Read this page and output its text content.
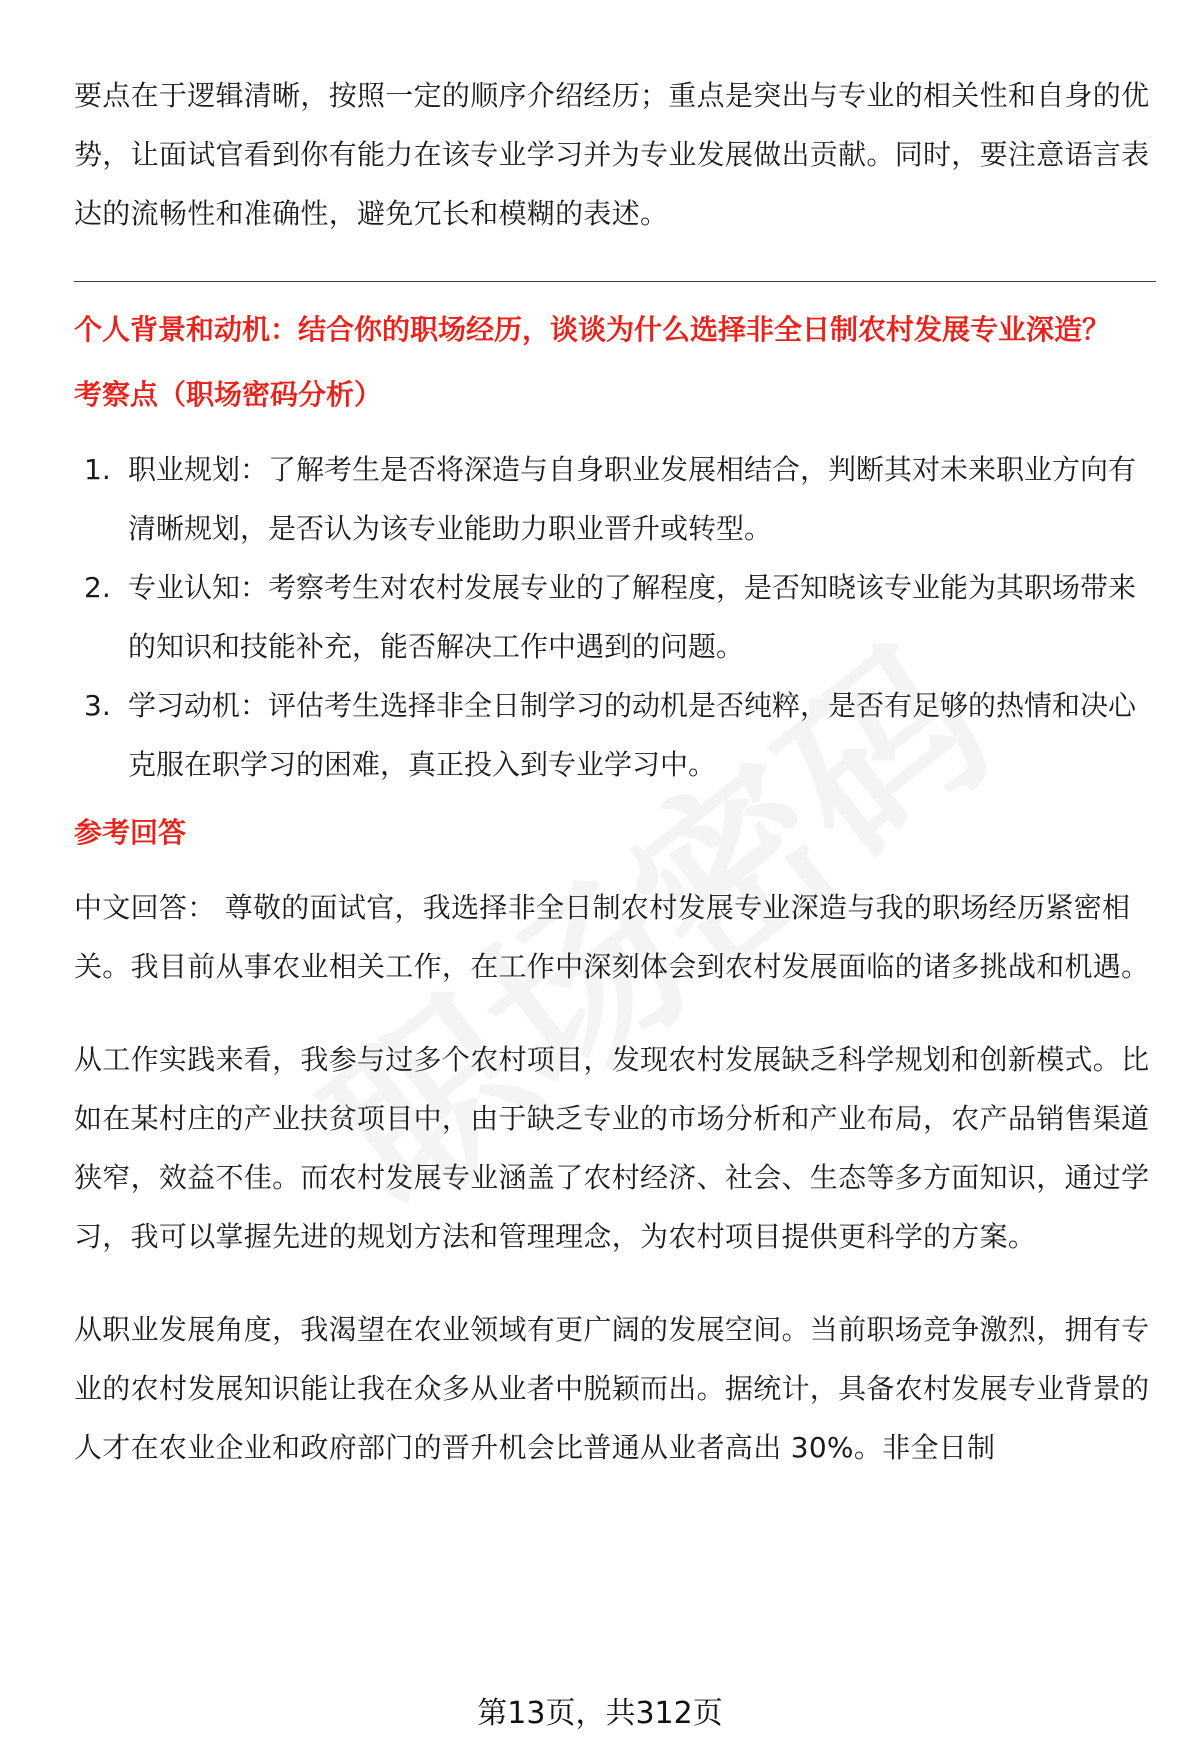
要点在于逻辑清晰，按照一定的顺序介绍经历；重点是突出与专业的相关性和自身的优势，让面试官看到你有能力在该专业学习并为专业发展做出贡献。同时，要注意语言表达的流畅性和准确性，避免冗长和模糊的表述。

个人背景和动机：结合你的职场经历，谈谈为什么选择非全日制农村发展专业深造？

考察点（职场密码分析）

1. 职业规划：了解考生是否将深造与自身职业发展相结合，判断其对未来职业方向有清晰规划，是否认为该专业能助力职业晋升或转型。
2. 专业认知：考察考生对农村发展专业的了解程度，是否知晓该专业能为其职场带来的知识和技能补充，能否解决工作中遇到的问题。
3. 学习动机：评估考生选择非全日制学习的动机是否纯粹，是否有足够的热情和决心克服在职学习的困难，真正投入到专业学习中。

参考回答

中文回答： 尊敬的面试官，我选择非全日制农村发展专业深造与我的职场经历紧密相关。我目前从事农业相关工作，在工作中深刻体会到农村发展面临的诸多挑战和机遇。

从工作实践来看，我参与过多个农村项目，发现农村发展缺乏科学规划和创新模式。比如在某村庄的产业扶贫项目中，由于缺乏专业的市场分析和产业布局，农产品销售渠道狭窄，效益不佳。而农村发展专业涵盖了农村经济、社会、生态等多方面知识，通过学习，我可以掌握先进的规划方法和管理理念，为农村项目提供更科学的方案。

从职业发展角度，我渴望在农业领域有更广阔的发展空间。当前职场竞争激烈，拥有专业的农村发展知识能让我在众多从业者中脱颖而出。据统计，具备农村发展专业背景的人才在农业企业和政府部门的晋升机会比普通从业者高出 30%。非全日制

第13页，共312页
